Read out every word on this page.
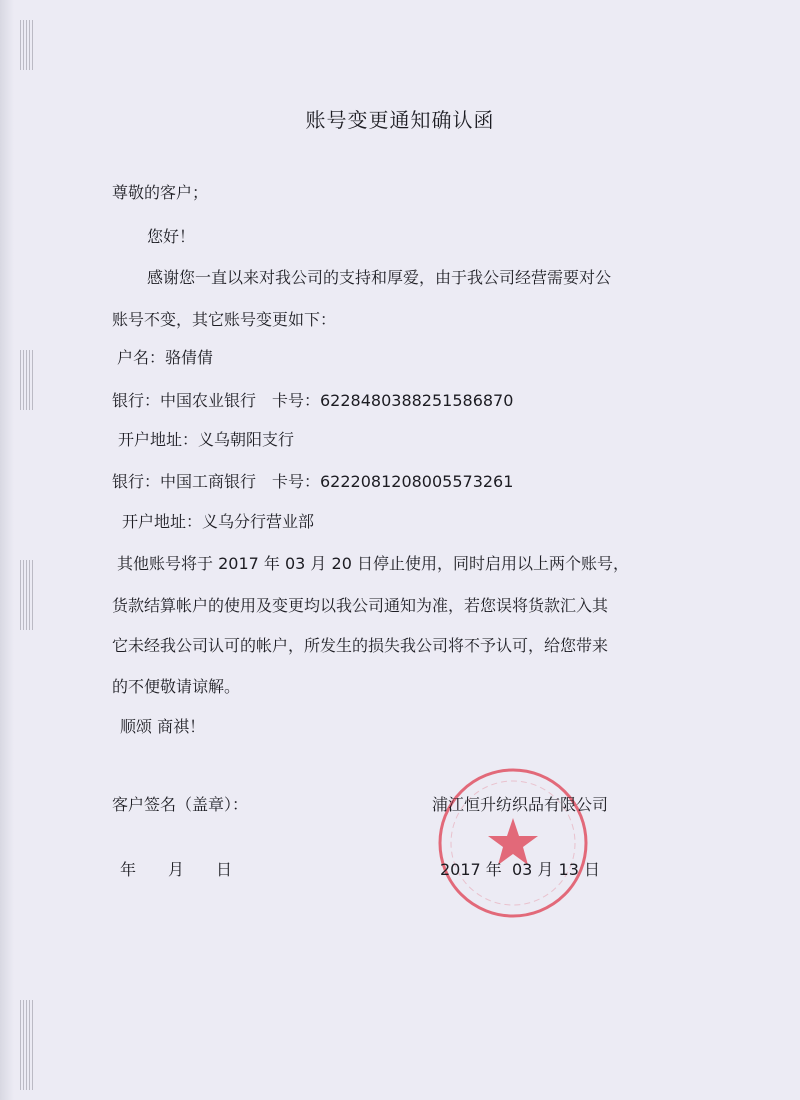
账号变更通知确认函
尊敬的客户；
您好！
感谢您一直以来对我公司的支持和厚爱，由于我公司经营需要对公
账号不变，其它账号变更如下：
户名：骆倩倩
银行：中国农业银行　卡号：6228480388251586870
开户地址：义乌朝阳支行
银行：中国工商银行　卡号：6222081208005573261
开户地址：义乌分行营业部
其他账号将于 2017 年 03 月 20 日停止使用，同时启用以上两个账号，
货款结算帐户的使用及变更均以我公司通知为准，若您误将货款汇入其
它未经我公司认可的帐户，所发生的损失我公司将不予认可，给您带来
的不便敬请谅解。
顺颂 商祺！
客户签名（盖章）：
年　　月　　日
浦江恒升纺织品有限公司
2017 年  03 月 13 日
